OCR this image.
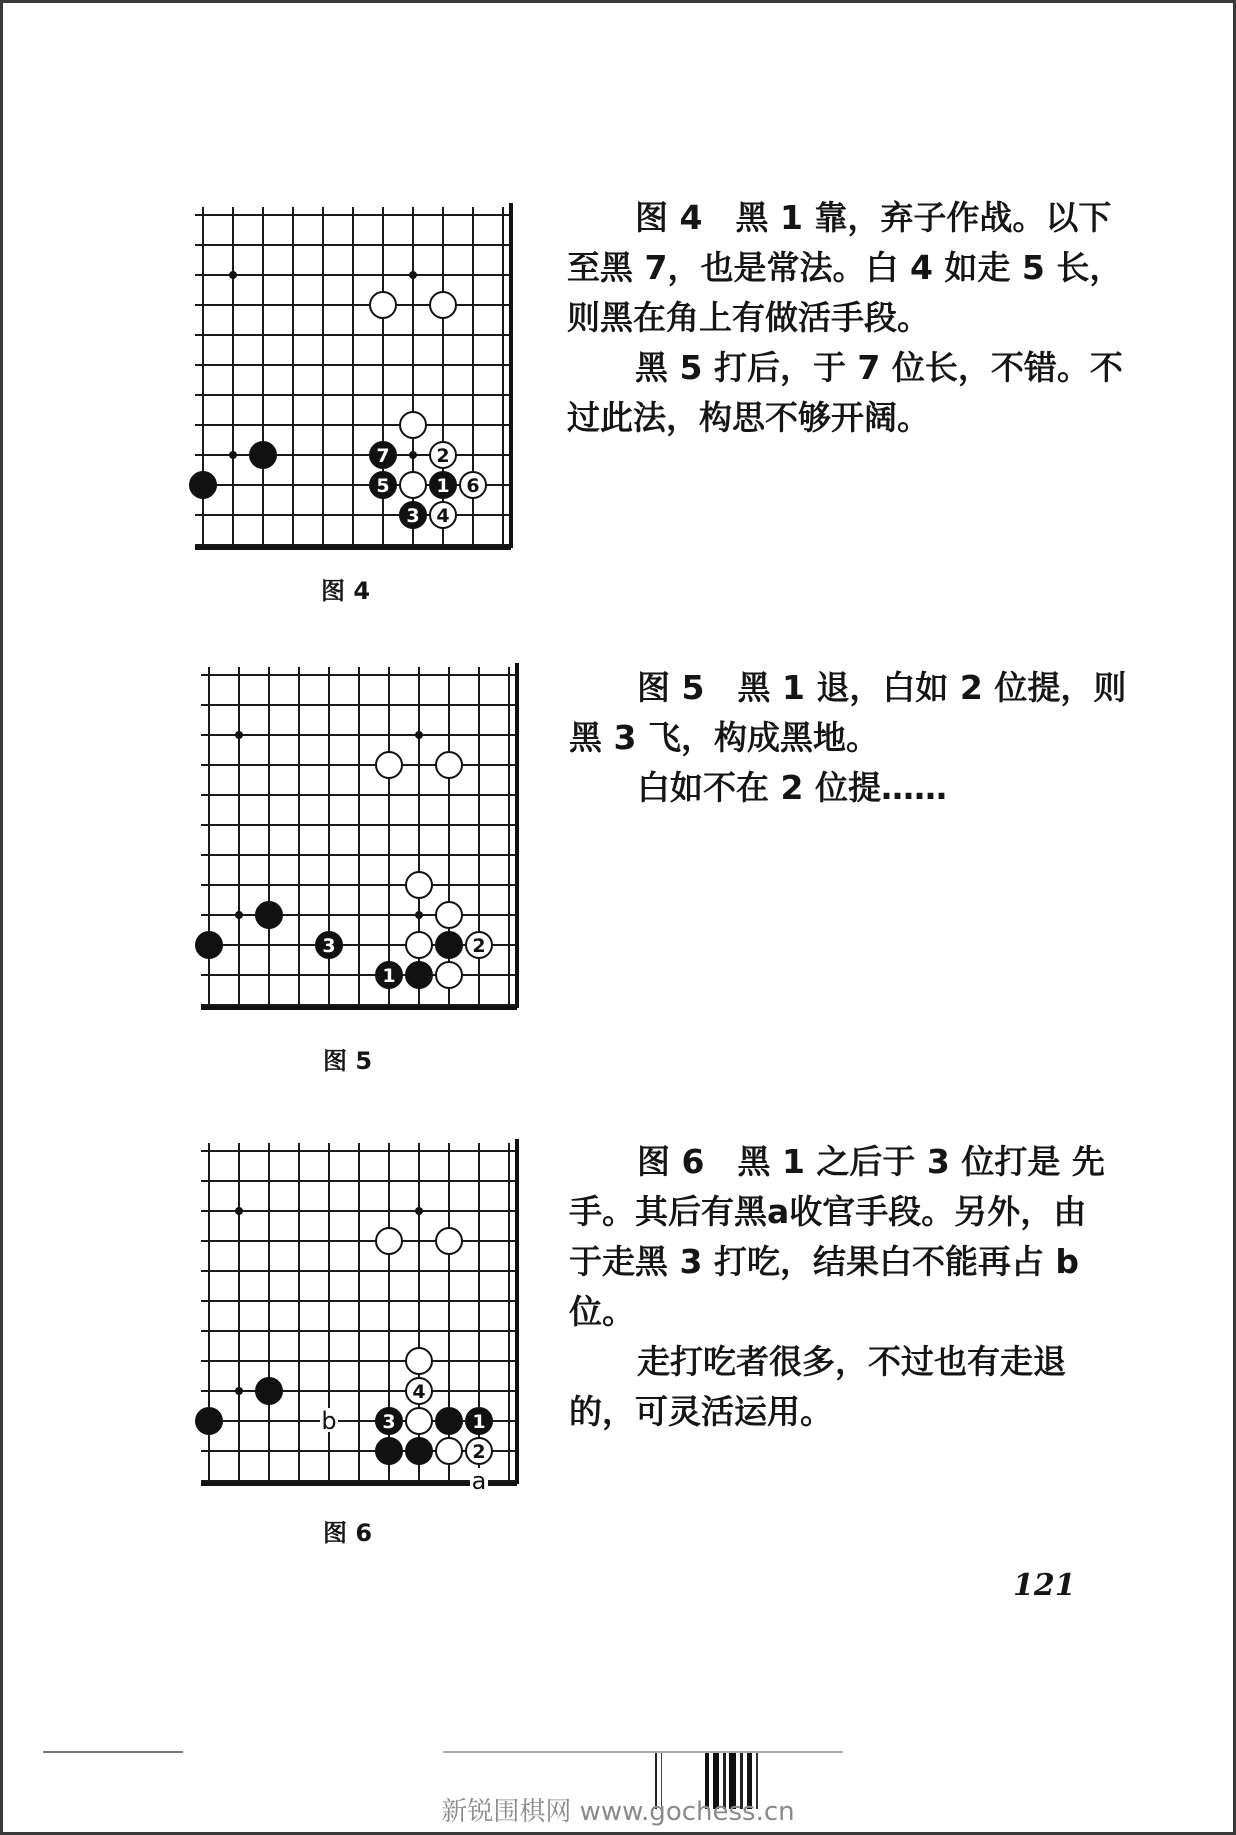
7 2
5 1 6
3 4
图 4
图 4　黑 1 靠，弃子作战。以下
至黑 7，也是常法。白 4 如走 5 长，
则黑在角上有做活手段。
黑 5 打后，于 7 位长，不错。不
过此法，构思不够开阔。
3	2
1
图 5
图 5　黑 1 退，白如 2 位提，则
黑 3 飞，构成黑地。
白如不在 2 位提……
4
3	1
2
b
a
图 6
图 6　黑 1 之后于 3 位打是 先
手。其后有黑a收官手段。另外，由
于走黑 3 打吃，结果白不能再占 b
位。
走打吃者很多，不过也有走退
的，可灵活运用。
121
新锐围棋网 www.gochess.cn
